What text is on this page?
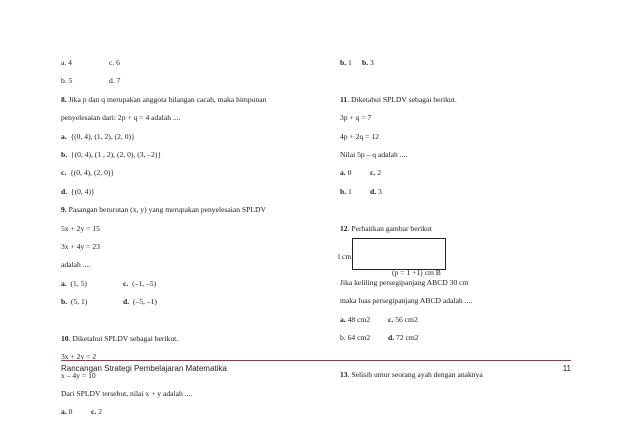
a. 4	c. 6
b. 5	d. 7
8. Jika p dan q merupakan anggota bilangan cacah, maka himpunan
penyelesaian dari: 2p + q = 4 adalah ....
a. {(0, 4), (1, 2), (2, 0)}
b. {(0, 4), (1 , 2), (2, 0), (3, –2)}
c. {(0, 4), (2, 0)}
d. {(0, 4)}
9. Pasangan berurutan (x, y) yang merupakan penyelesaian SPLDV
5x + 2y = 15
3x + 4y = 23
adalah ....
a. (1, 5)	c. (–1, –5)
b. (5, 1)	d. (–5, –1)
10. Diketahui SPLDV sebagai berikut.
3x + 2y = 2
x – 4y = 10
Dari SPLDV tersebut, nilai x + y adalah ....
a. 0	c. 2
b. 1	b. 3
11. Diketahui SPLDV sebagai berikut.
3p + q = 7
4p + 2q = 12
Nilai 5p – q adalah ....
a. 0	c. 2
b. 1	d. 3
12. Perhatikan gambar berikut
l cm
(p = 1 +1) cm B
Jika keliling persegipanjang ABCD 30 cm
maka luas persegipanjang ABCD adalah ....
a. 48 cm2	c. 56 cm2
b. 64 cm2	d. 72 cm2
13. Selisih umur seorang ayah dengan anaknya
Rancangan Strategi Pembelajaran Matematika	11
